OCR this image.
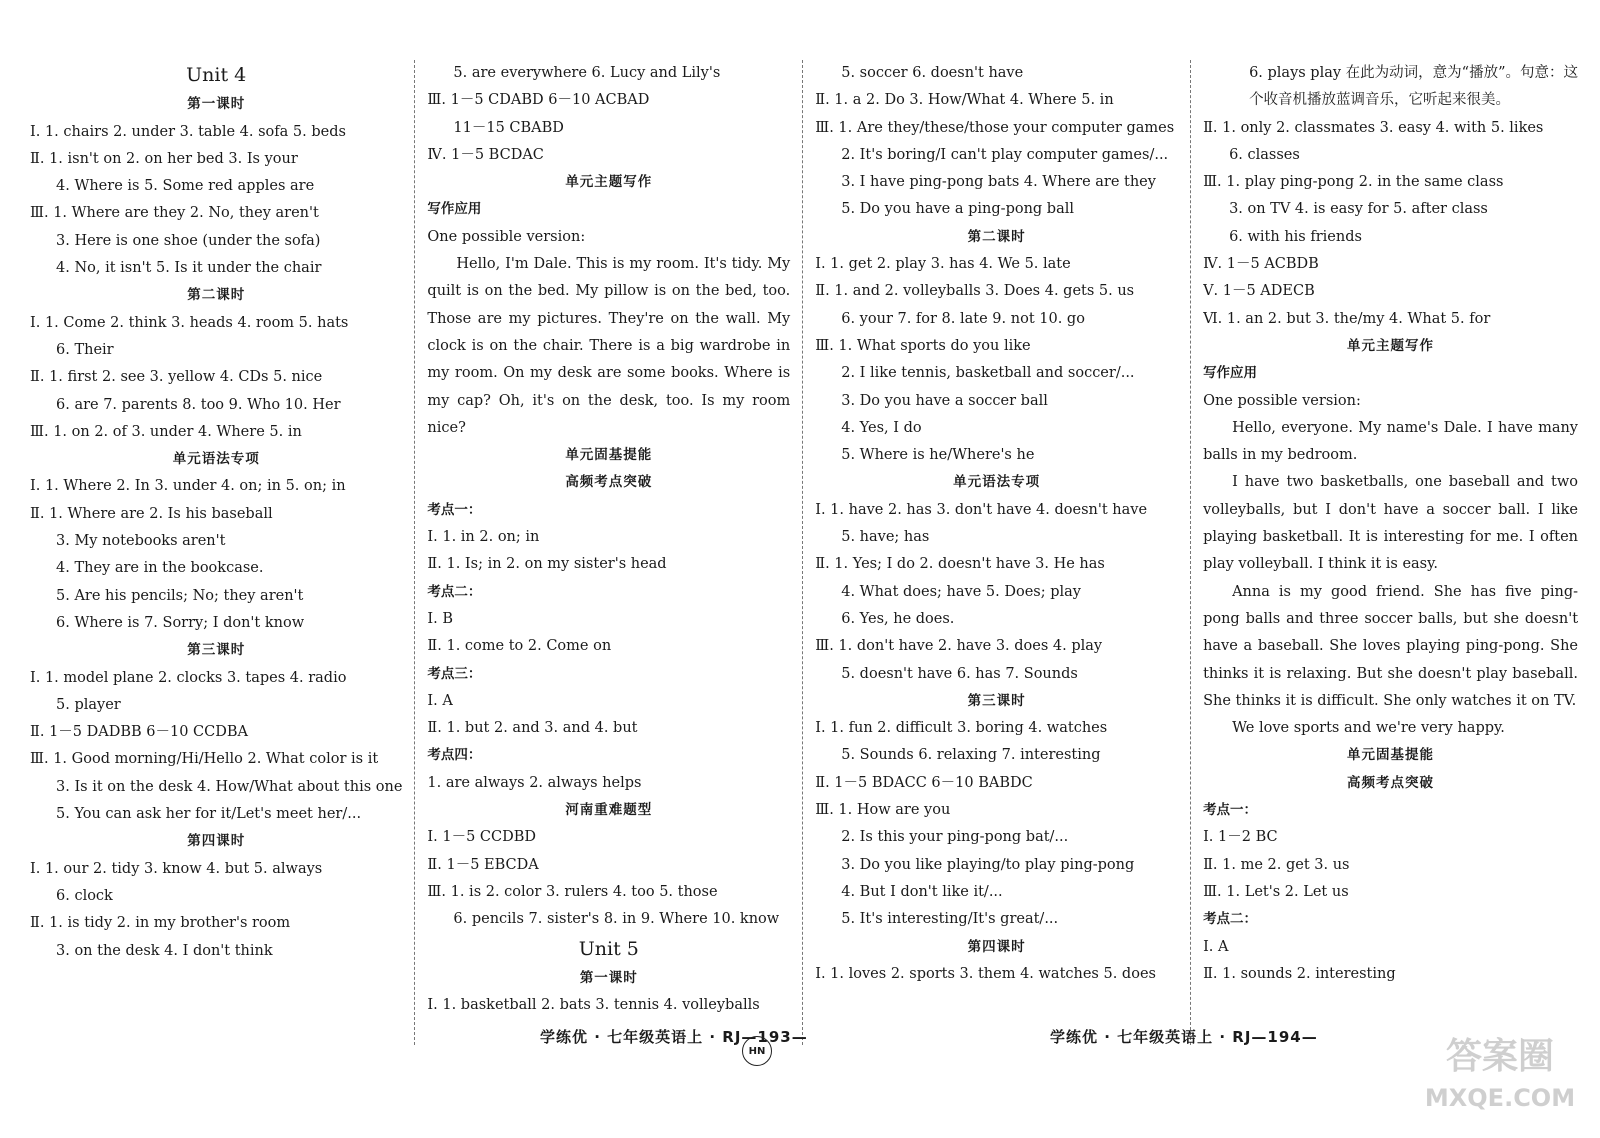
Unit 4
第一课时
Ⅰ. 1. chairs 2. under 3. table 4. sofa 5. beds
Ⅱ. 1. isn't on 2. on her bed 3. Is your
4. Where is 5. Some red apples are
Ⅲ. 1. Where are they 2. No, they aren't
3. Here is one shoe (under the sofa)
4. No, it isn't 5. Is it under the chair
第二课时
Ⅰ. 1. Come 2. think 3. heads 4. room 5. hats
6. Their
Ⅱ. 1. first 2. see 3. yellow 4. CDs 5. nice
6. are 7. parents 8. too 9. Who 10. Her
Ⅲ. 1. on 2. of 3. under 4. Where 5. in
单元语法专项
Ⅰ. 1. Where 2. In 3. under 4. on; in 5. on; in
Ⅱ. 1. Where are 2. Is his baseball
3. My notebooks aren't
4. They are in the bookcase.
5. Are his pencils; No; they aren't
6. Where is 7. Sorry; I don't know
第三课时
Ⅰ. 1. model plane 2. clocks 3. tapes 4. radio
5. player
Ⅱ. 1－5 DADBB 6－10 CCDBA
Ⅲ. 1. Good morning/Hi/Hello 2. What color is it
3. Is it on the desk 4. How/What about this one
5. You can ask her for it/Let's meet her/...
第四课时
Ⅰ. 1. our 2. tidy 3. know 4. but 5. always
6. clock
Ⅱ. 1. is tidy 2. in my brother's room
3. on the desk 4. I don't think
5. are everywhere 6. Lucy and Lily's
Ⅲ. 1－5 CDABD 6－10 ACBAD
11－15 CBABD
Ⅳ. 1－5 BCDAC
单元主题写作
写作应用
One possible version:
Hello, I'm Dale. This is my room. It's tidy. My quilt is on the bed. My pillow is on the bed, too. Those are my pictures. They're on the wall. My clock is on the chair. There is a big wardrobe in my room. On my desk are some books. Where is my cap? Oh, it's on the desk, too. Is my room nice?
单元固基提能
高频考点突破
考点一：
Ⅰ. 1. in 2. on; in
Ⅱ. 1. Is; in 2. on my sister's head
考点二：
Ⅰ. B
Ⅱ. 1. come to 2. Come on
考点三：
Ⅰ. A
Ⅱ. 1. but 2. and 3. and 4. but
考点四：
1. are always 2. always helps
河南重难题型
Ⅰ. 1－5 CCDBD
Ⅱ. 1－5 EBCDA
Ⅲ. 1. is 2. color 3. rulers 4. too 5. those
6. pencils 7. sister's 8. in 9. Where 10. know
Unit 5
第一课时
Ⅰ. 1. basketball 2. bats 3. tennis 4. volleyballs
5. soccer 6. doesn't have
Ⅱ. 1. a 2. Do 3. How/What 4. Where 5. in
Ⅲ. 1. Are they/these/those your computer games
2. It's boring/I can't play computer games/...
3. I have ping-pong bats 4. Where are they
5. Do you have a ping-pong ball
第二课时
Ⅰ. 1. get 2. play 3. has 4. We 5. late
Ⅱ. 1. and 2. volleyballs 3. Does 4. gets 5. us
6. your 7. for 8. late 9. not 10. go
Ⅲ. 1. What sports do you like
2. I like tennis, basketball and soccer/...
3. Do you have a soccer ball
4. Yes, I do
5. Where is he/Where's he
单元语法专项
Ⅰ. 1. have 2. has 3. don't have 4. doesn't have
5. have; has
Ⅱ. 1. Yes; I do 2. doesn't have 3. He has
4. What does; have 5. Does; play
6. Yes, he does.
Ⅲ. 1. don't have 2. have 3. does 4. play
5. doesn't have 6. has 7. Sounds
第三课时
Ⅰ. 1. fun 2. difficult 3. boring 4. watches
5. Sounds 6. relaxing 7. interesting
Ⅱ. 1－5 BDACC 6－10 BABDC
Ⅲ. 1. How are you
2. Is this your ping-pong bat/...
3. Do you like playing/to play ping-pong
4. But I don't like it/...
5. It's interesting/It's great/...
第四课时
Ⅰ. 1. loves 2. sports 3. them 4. watches 5. does
6. plays play 在此为动词，意为“播放”。句意：这
个收音机播放蓝调音乐，它听起来很美。
Ⅱ. 1. only 2. classmates 3. easy 4. with 5. likes
6. classes
Ⅲ. 1. play ping-pong 2. in the same class
3. on TV 4. is easy for 5. after class
6. with his friends
Ⅳ. 1－5 ACBDB
Ⅴ. 1－5 ADECB
Ⅵ. 1. an 2. but 3. the/my 4. What 5. for
单元主题写作
写作应用
One possible version:
Hello, everyone. My name's Dale. I have many balls in my bedroom.
I have two basketballs, one baseball and two volleyballs, but I don't have a soccer ball. I like playing basketball. It is interesting for me. I often play volleyball. I think it is easy.
Anna is my good friend. She has five ping-pong balls and three soccer balls, but she doesn't have a baseball. She loves playing ping-pong. She thinks it is relaxing. But she doesn't play baseball. She thinks it is difficult. She only watches it on TV.
We love sports and we're very happy.
单元固基提能
高频考点突破
考点一：
Ⅰ. 1－2 BC
Ⅱ. 1. me 2. get 3. us
Ⅲ. 1. Let's 2. Let us
考点二：
Ⅰ. A
Ⅱ. 1. sounds 2. interesting
学练优 · 七年级英语上 · RJ—193—
HN
学练优 · 七年级英语上 · RJ—194—	答案圈
MXQE.COM
